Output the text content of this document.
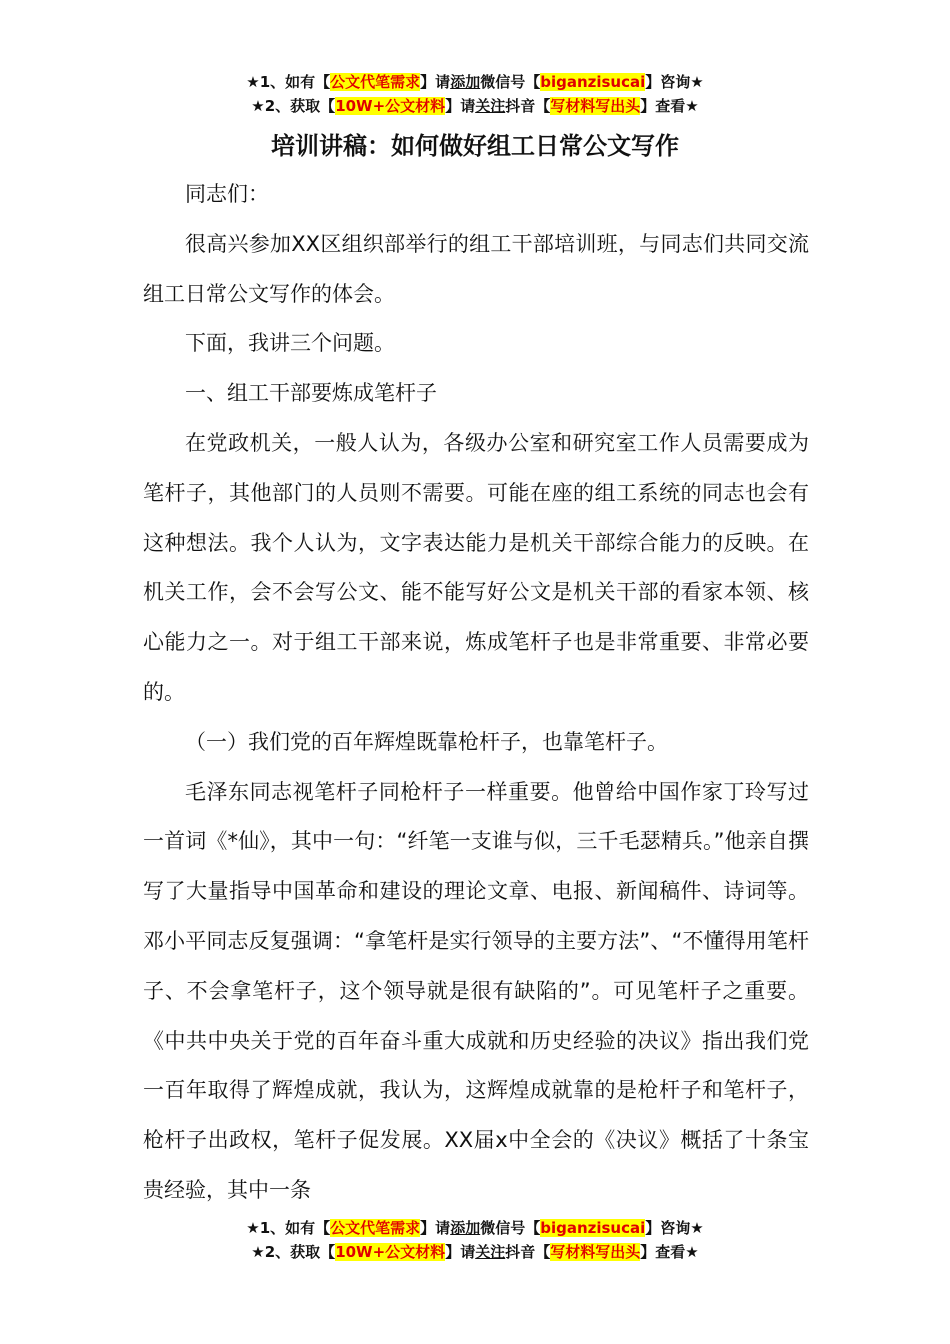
★1、如有【公文代笔需求】请添加微信号【biganzisucai】咨询★
★2、获取【10W+公文材料】请关注抖音【写材料写出头】查看★
培训讲稿：如何做好组工日常公文写作

同志们：

很高兴参加XX区组织部举行的组工干部培训班，与同志们共同交流组工日常公文写作的体会。

下面，我讲三个问题。

一、组工干部要炼成笔杆子

在党政机关，一般人认为，各级办公室和研究室工作人员需要成为笔杆子，其他部门的人员则不需要。可能在座的组工系统的同志也会有这种想法。我个人认为，文字表达能力是机关干部综合能力的反映。在机关工作，会不会写公文、能不能写好公文是机关干部的看家本领、核心能力之一。对于组工干部来说，炼成笔杆子也是非常重要、非常必要的。

（一）我们党的百年辉煌既靠枪杆子，也靠笔杆子。

毛泽东同志视笔杆子同枪杆子一样重要。他曾给中国作家丁玲写过一首词《*仙》，其中一句：“纤笔一支谁与似，三千毛瑟精兵。”他亲自撰写了大量指导中国革命和建设的理论文章、电报、新闻稿件、诗词等。邓小平同志反复强调：“拿笔杆是实行领导的主要方法”、“不懂得用笔杆子、不会拿笔杆子，这个领导就是很有缺陷的”。可见笔杆子之重要。《中共中央关于党的百年奋斗重大成就和历史经验的决议》指出我们党一百年取得了辉煌成就，我认为，这辉煌成就靠的是枪杆子和笔杆子，枪杆子出政权，笔杆子促发展。XX届x中全会的《决议》概括了十条宝贵经验，其中一条

★1、如有【公文代笔需求】请添加微信号【biganzisucai】咨询★
★2、获取【10W+公文材料】请关注抖音【写材料写出头】查看★
